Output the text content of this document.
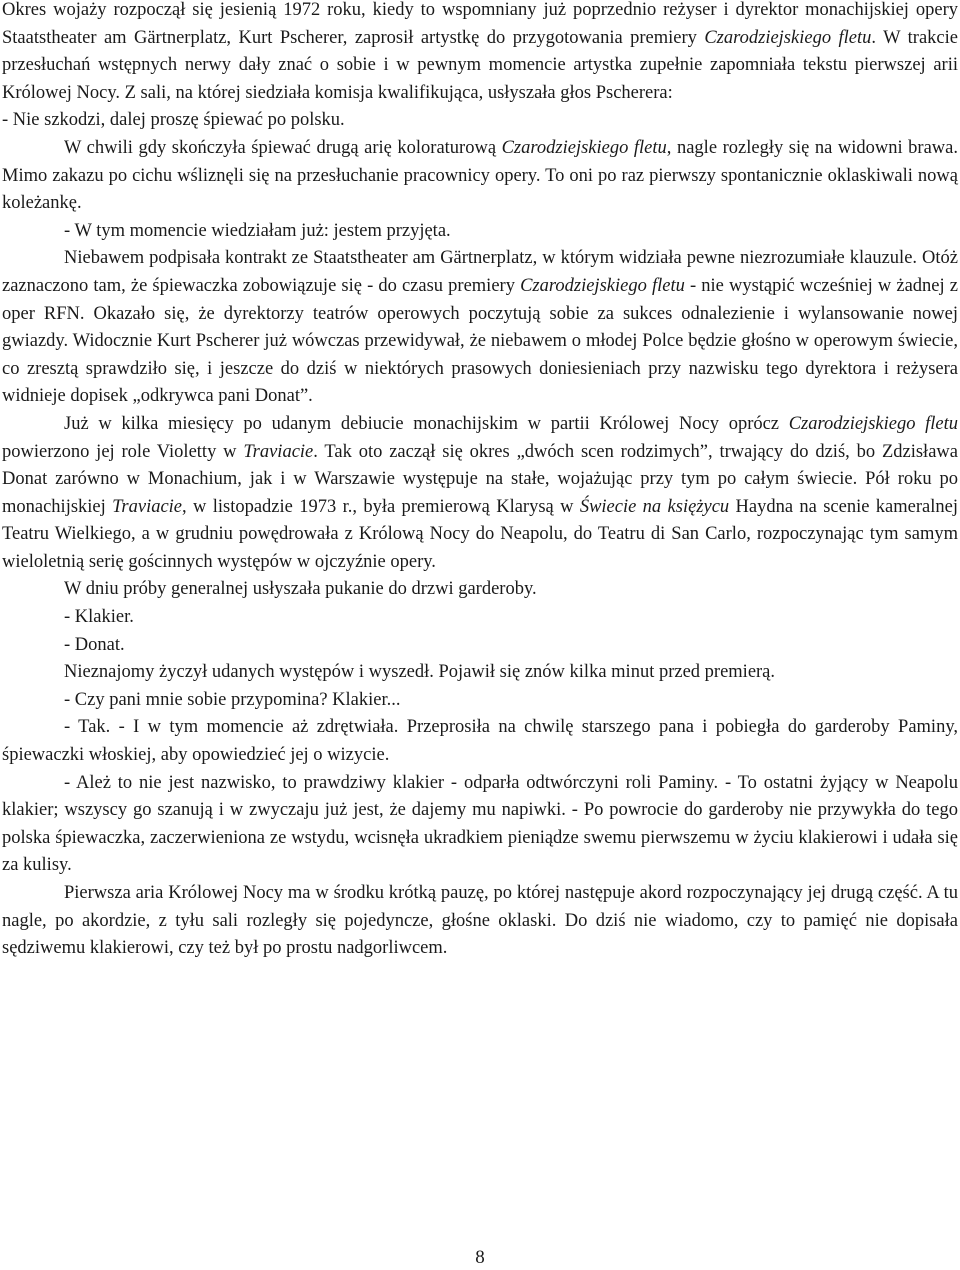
Okres wojaży rozpoczął się jesienią 1972 roku, kiedy to wspomniany już poprzednio reżyser i dyrektor monachijskiej opery Staatstheater am Gärtnerplatz, Kurt Pscherer, zaprosił artystkę do przygotowania premiery Czarodziejskiego fletu. W trakcie przesłuchań wstępnych nerwy dały znać o sobie i w pewnym momencie artystka zupełnie zapomniała tekstu pierwszej arii Królowej Nocy. Z sali, na której siedziała komisja kwalifikująca, usłyszała głos Pscherera:

- Nie szkodzi, dalej proszę śpiewać po polsku.

W chwili gdy skończyła śpiewać drugą arię koloraturową Czarodziejskiego fletu, nagle rozległy się na widowni brawa. Mimo zakazu po cichu wśliznęli się na przesłuchanie pracownicy opery. To oni po raz pierwszy spontanicznie oklaskiwali nową koleżankę.

- W tym momencie wiedziałam już: jestem przyjęta.

Niebawem podpisała kontrakt ze Staatstheater am Gärtnerplatz, w którym widziała pewne niezrozumiałe klauzule. Otóż zaznaczono tam, że śpiewaczka zobowiązuje się - do czasu premiery Czarodziejskiego fletu - nie wystąpić wcześniej w żadnej z oper RFN. Okazało się, że dyrektorzy teatrów operowych poczytują sobie za sukces odnalezienie i wylansowanie nowej gwiazdy. Widocznie Kurt Pscherer już wówczas przewidywał, że niebawem o młodej Polce będzie głośno w operowym świecie, co zresztą sprawdziło się, i jeszcze do dziś w niektórych prasowych doniesieniach przy nazwisku tego dyrektora i reżysera widnieje dopisek „odkrywca pani Donat”.

Już w kilka miesięcy po udanym debiucie monachijskim w partii Królowej Nocy oprócz Czarodziejskiego fletu powierzono jej role Violetty w Traviacie. Tak oto zaczął się okres „dwóch scen rodzimych”, trwający do dziś, bo Zdzisława Donat zarówno w Monachium, jak i w Warszawie występuje na stałe, wojażując przy tym po całym świecie. Pół roku po monachijskiej Traviacie, w listopadzie 1973 r., była premierową Klarysą w Świecie na księżycu Haydna na scenie kameralnej Teatru Wielkiego, a w grudniu powędrowała z Królową Nocy do Neapolu, do Teatru di San Carlo, rozpoczynając tym samym wieloletnią serię gościnnych występów w ojczyźnie opery.

W dniu próby generalnej usłyszała pukanie do drzwi garderoby.

- Klakier.

- Donat.

Nieznajomy życzył udanych występów i wyszedł. Pojawił się znów kilka minut przed premierą.

- Czy pani mnie sobie przypomina? Klakier...

- Tak. - I w tym momencie aż zdrętwiała. Przeprosiła na chwilę starszego pana i pobiegła do garderoby Paminy, śpiewaczki włoskiej, aby opowiedzieć jej o wizycie.

- Ależ to nie jest nazwisko, to prawdziwy klakier - odparła odtwórczyni roli Paminy. - To ostatni żyjący w Neapolu klakier; wszyscy go szanują i w zwyczaju już jest, że dajemy mu napiwki. - Po powrocie do garderoby nie przywykła do tego polska śpiewaczka, zaczerwieniona ze wstydu, wcisnęła ukradkiem pieniądze swemu pierwszemu w życiu klakierowi i udała się za kulisy.

Pierwsza aria Królowej Nocy ma w środku krótką pauzę, po której następuje akord rozpoczynający jej drugą część. A tu nagle, po akordzie, z tyłu sali rozległy się pojedyncze, głośne oklaski. Do dziś nie wiadomo, czy to pamięć nie dopisała sędziwemu klakierowi, czy też był po prostu nadgorliwcem.

8
